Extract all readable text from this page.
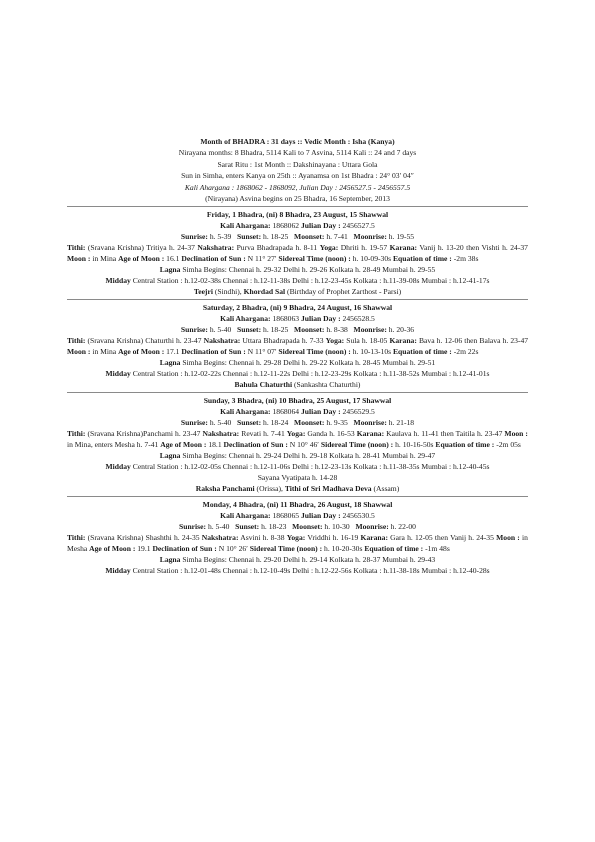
Month of BHADRA : 31 days :: Vedic Month : Isha (Kanya)
Nirayana months: 8 Bhadra, 5114 Kali to 7 Asvina, 5114 Kali :: 24 and 7 days
Sarat Ritu : 1st Month :: Dakshinayana : Uttara Gola
Sun in Simha, enters Kanya on 25th :: Ayanamsa on 1st Bhadra : 24° 03′ 04″
Kali Ahargana : 1868062 - 1868092, Julian Day : 2456527.5 - 2456557.5
(Nirayana) Asvina begins on 25 Bhadra, 16 September, 2013
Friday, 1 Bhadra, (ni) 8 Bhadra, 23 August, 15 Shawwal
Kali Ahargana: 1868062 Julian Day : 2456527.5
Sunrise: h. 5-39 Sunset: h. 18-25 Moonset: h. 7-41 Moonrise: h. 19-55
Tithi: (Sravana Krishna) Tritiya h. 24-37 Nakshatra: Purva Bhadrapada h. 8-11 Yoga: Dhriti h. 19-57 Karana: Vanij h. 13-20 then Vishti h. 24-37 Moon : in Mina Age of Moon : 16.1 Declination of Sun : N 11° 27′ Sidereal Time (noon) : h. 10-09-30s Equation of time : -2m 38s
Lagna Simha Begins: Chennai h. 29-32 Delhi h. 29-26 Kolkata h. 28-49 Mumbai h. 29-55
Midday Central Station : h.12-02-38s Chennai : h.12-11-38s Delhi : h.12-23-45s Kolkata : h.11-39-08s Mumbai : h.12-41-17s
Teejri (Sindhi), Khordad Sal (Birthday of Prophet Zarthost - Parsi)
Saturday, 2 Bhadra, (ni) 9 Bhadra, 24 August, 16 Shawwal
Kali Ahargana: 1868063 Julian Day : 2456528.5
Sunrise: h. 5-40 Sunset: h. 18-25 Moonset: h. 8-38 Moonrise: h. 20-36
Tithi: (Sravana Krishna) Chaturthi h. 23-47 Nakshatra: Uttara Bhadrapada h. 7-33 Yoga: Sula h. 18-05 Karana: Bava h. 12-06 then Balava h. 23-47 Moon : in Mina Age of Moon : 17.1 Declination of Sun : N 11° 07′ Sidereal Time (noon) : h. 10-13-10s Equation of time : -2m 22s
Lagna Simha Begins: Chennai h. 29-28 Delhi h. 29-22 Kolkata h. 28-45 Mumbai h. 29-51
Midday Central Station : h.12-02-22s Chennai : h.12-11-22s Delhi : h.12-23-29s Kolkata : h.11-38-52s Mumbai : h.12-41-01s
Bahula Chaturthi (Sankashta Chaturthi)
Sunday, 3 Bhadra, (ni) 10 Bhadra, 25 August, 17 Shawwal
Kali Ahargana: 1868064 Julian Day : 2456529.5
Sunrise: h. 5-40 Sunset: h. 18-24 Moonset: h. 9-35 Moonrise: h. 21-18
Tithi: (Sravana Krishna)Panchami h. 23-47 Nakshatra: Revati h. 7-41 Yoga: Ganda h. 16-53 Karana: Kaulava h. 11-41 then Taitila h. 23-47 Moon : in Mina, enters Mesha h. 7-41 Age of Moon : 18.1 Declination of Sun : N 10° 46′ Sidereal Time (noon) : h. 10-16-50s Equation of time : -2m 05s
Lagna Simha Begins: Chennai h. 29-24 Delhi h. 29-18 Kolkata h. 28-41 Mumbai h. 29-47
Midday Central Station : h.12-02-05s Chennai : h.12-11-06s Delhi : h.12-23-13s Kolkata : h.11-38-35s Mumbai : h.12-40-45s
Sayana Vyatipata h. 14-28
Raksha Panchami (Orissa), Tithi of Sri Madhava Deva (Assam)
Monday, 4 Bhadra, (ni) 11 Bhadra, 26 August, 18 Shawwal
Kali Ahargana: 1868065 Julian Day : 2456530.5
Sunrise: h. 5-40 Sunset: h. 18-23 Moonset: h. 10-30 Moonrise: h. 22-00
Tithi: (Sravana Krishna) Shashthi h. 24-35 Nakshatra: Asvini h. 8-38 Yoga: Vriddhi h. 16-19 Karana: Gara h. 12-05 then Vanij h. 24-35 Moon : in Mesha Age of Moon : 19.1 Declination of Sun : N 10° 26′ Sidereal Time (noon) : h. 10-20-30s Equation of time : -1m 48s
Lagna Simha Begins: Chennai h. 29-20 Delhi h. 29-14 Kolkata h. 28-37 Mumbai h. 29-43
Midday Central Station : h.12-01-48s Chennai : h.12-10-49s Delhi : h.12-22-56s Kolkata : h.11-38-18s Mumbai : h.12-40-28s
